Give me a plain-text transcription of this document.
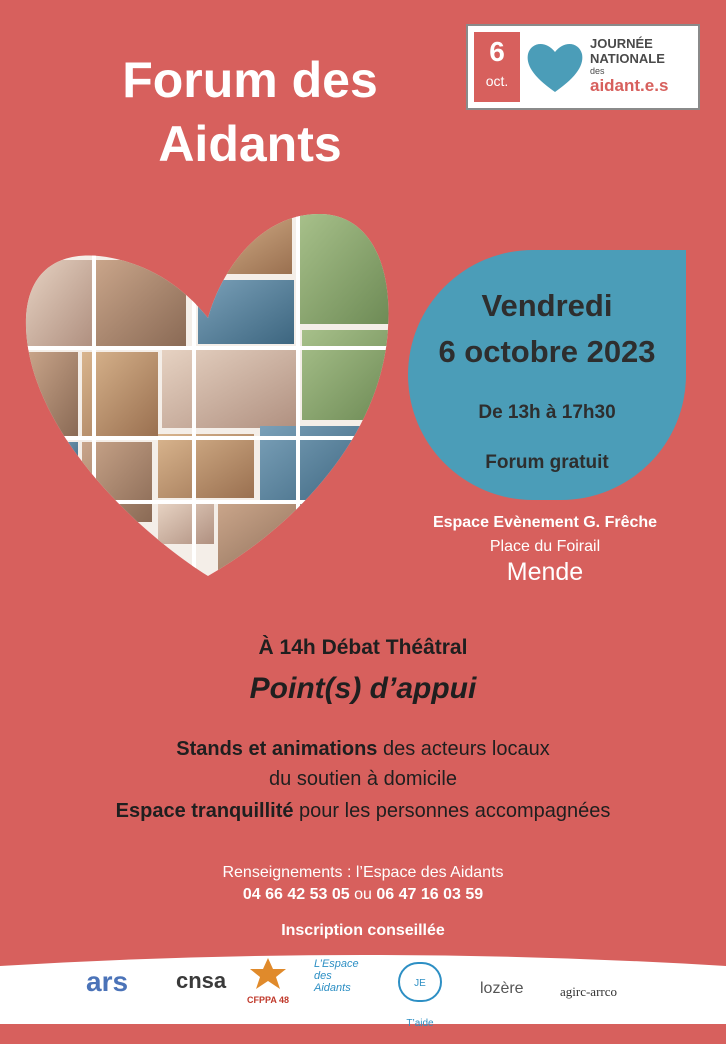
Forum des
Aidants
6
oct.
JOURNÉE
NATIONALE
des
aidant.e.s
Vendredi
6 octobre 2023
De 13h à 17h30
Forum gratuit
Espace Evènement G. Frêche
Place du Foirail
Mende
À 14h Débat Théâtral
Point(s) d’appui
Stands et animations des acteurs locaux
du soutien à domicile
Espace tranquillité pour les personnes accompagnées
Renseignements : l’Espace des Aidants
04 66 42 53 05 ou 06 47 16 03 59
Inscription conseillée
ars cnsa
CFPPA 48
L’Espace des Aidants	JE T’aide
lozère	agirc-arrco
